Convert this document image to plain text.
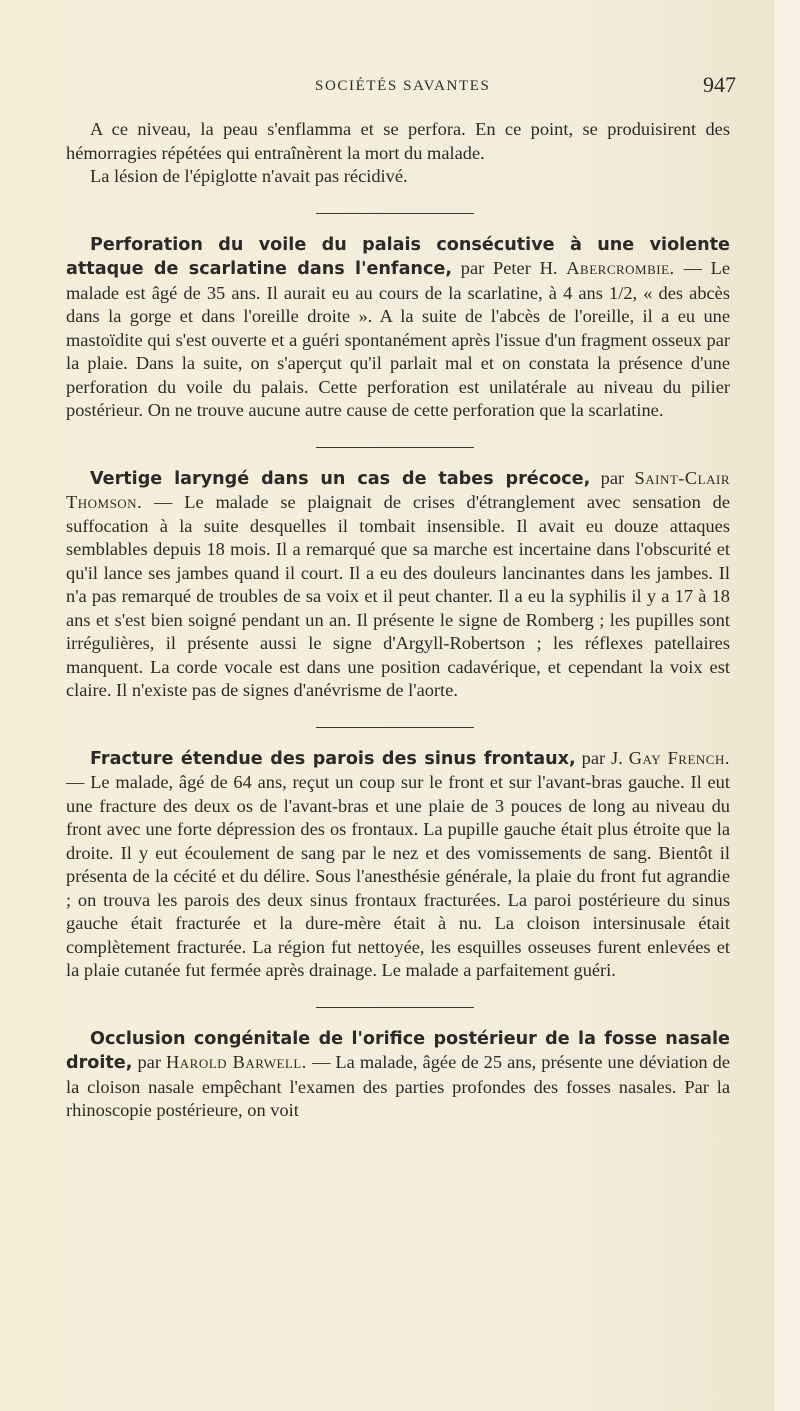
SOCIÉTÉS SAVANTES	947

A ce niveau, la peau s'enflamma et se perfora. En ce point, se produisirent des hémorragies répétées qui entraînèrent la mort du malade.

La lésion de l'épiglotte n'avait pas récidivé.

Perforation du voile du palais consécutive à une violente attaque de scarlatine dans l'enfance, par Peter H. Abercrombie. — Le malade est âgé de 35 ans. Il aurait eu au cours de la scarlatine, à 4 ans 1/2, « des abcès dans la gorge et dans l'oreille droite ». A la suite de l'abcès de l'oreille, il a eu une mastoïdite qui s'est ouverte et a guéri spontanément après l'issue d'un fragment osseux par la plaie. Dans la suite, on s'aperçut qu'il parlait mal et on constata la présence d'une perforation du voile du palais. Cette perforation est unilatérale au niveau du pilier postérieur. On ne trouve aucune autre cause de cette perforation que la scarlatine.

Vertige laryngé dans un cas de tabes précoce, par Saint-Clair Thomson. — Le malade se plaignait de crises d'étranglement avec sensation de suffocation à la suite desquelles il tombait insensible. Il avait eu douze attaques semblables depuis 18 mois. Il a remarqué que sa marche est incertaine dans l'obscurité et qu'il lance ses jambes quand il court. Il a eu des douleurs lancinantes dans les jambes. Il n'a pas remarqué de troubles de sa voix et il peut chanter. Il a eu la syphilis il y a 17 à 18 ans et s'est bien soigné pendant un an. Il présente le signe de Romberg ; les pupilles sont irrégulières, il présente aussi le signe d'Argyll-Robertson ; les réflexes patellaires manquent. La corde vocale est dans une position cadavérique, et cependant la voix est claire. Il n'existe pas de signes d'anévrisme de l'aorte.

Fracture étendue des parois des sinus frontaux, par J. Gay French. — Le malade, âgé de 64 ans, reçut un coup sur le front et sur l'avant-bras gauche. Il eut une fracture des deux os de l'avant-bras et une plaie de 3 pouces de long au niveau du front avec une forte dépression des os frontaux. La pupille gauche était plus étroite que la droite. Il y eut écoulement de sang par le nez et des vomissements de sang. Bientôt il présenta de la cécité et du délire. Sous l'anesthésie générale, la plaie du front fut agrandie ; on trouva les parois des deux sinus frontaux fracturées. La paroi postérieure du sinus gauche était fracturée et la dure-mère était à nu. La cloison intersinusale était complètement fracturée. La région fut nettoyée, les esquilles osseuses furent enlevées et la plaie cutanée fut fermée après drainage. Le malade a parfaitement guéri.

Occlusion congénitale de l'orifice postérieur de la fosse nasale droite, par Harold Barwell. — La malade, âgée de 25 ans, présente une déviation de la cloison nasale empêchant l'examen des parties profondes des fosses nasales. Par la rhinoscopie postérieure, on voit
